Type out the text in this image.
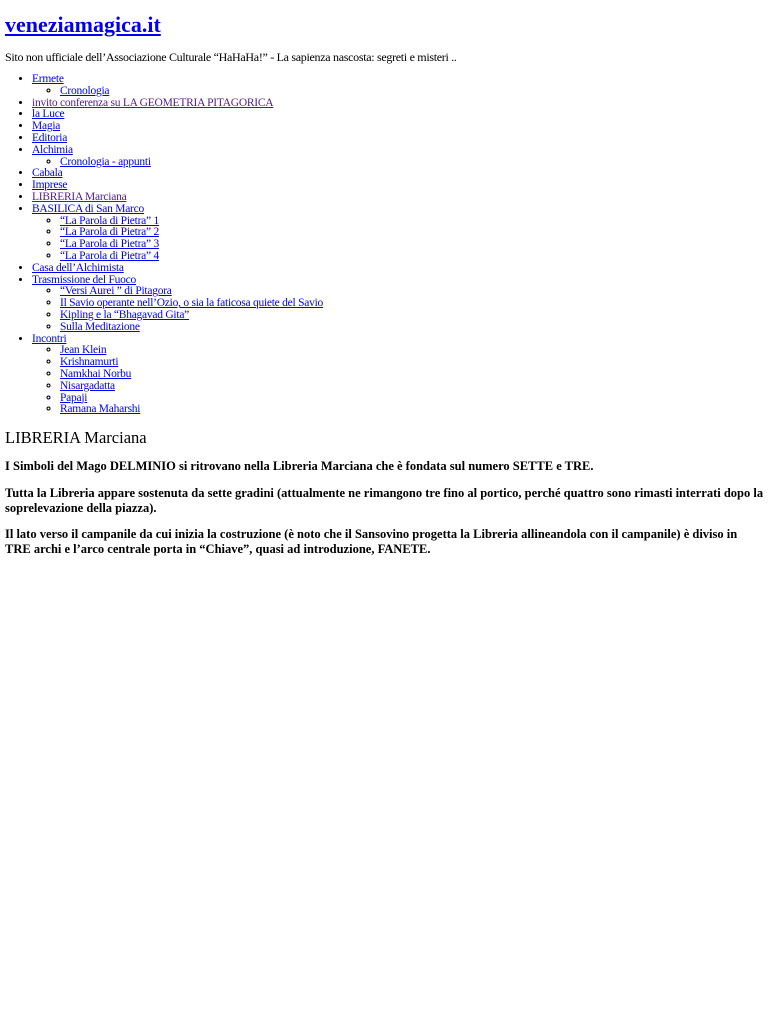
veneziamagica.it

Sito non ufficiale dell’Associazione Culturale “HaHaHa!” - La sapienza nascosta: segreti e misteri ..

• Ermete
◦ Cronologia
• invito conferenza su LA GEOMETRIA PITAGORICA
• la Luce
• Magia
• Editoria
• Alchimia
◦ Cronologia - appunti
• Cabala
• Imprese
• LIBRERIA Marciana
• BASILICA di San Marco
◦ “La Parola di Pietra” 1
◦ “La Parola di Pietra” 2
◦ “La Parola di Pietra” 3
◦ “La Parola di Pietra” 4
• Casa dell’Alchimista
• Trasmissione del Fuoco
◦ “Versi Aurei ” di Pitagora
◦ Il Savio operante nell’Ozio, o sia la faticosa quiete del Savio
◦ Kipling e la “Bhagavad Gita”
◦ Sulla Meditazione
• Incontri
◦ Jean Klein
◦ Krishnamurti
◦ Namkhai Norbu
◦ Nisargadatta
◦ Papaji
◦ Ramana Maharshi
LIBRERIA Marciana

I Simboli del Mago DELMINIO si ritrovano nella Libreria Marciana che è fondata sul numero SETTE e TRE.

Tutta la Libreria appare sostenuta da sette gradini (attualmente ne rimangono tre fino al portico, perché quattro sono rimasti interrati dopo la soprelevazione della piazza).

Il lato verso il campanile da cui inizia la costruzione (è noto che il Sansovino progetta la Libreria allineandola con il campanile) è diviso in TRE archi e l’arco centrale porta in “Chiave”, quasi ad introduzione, FANETE.
